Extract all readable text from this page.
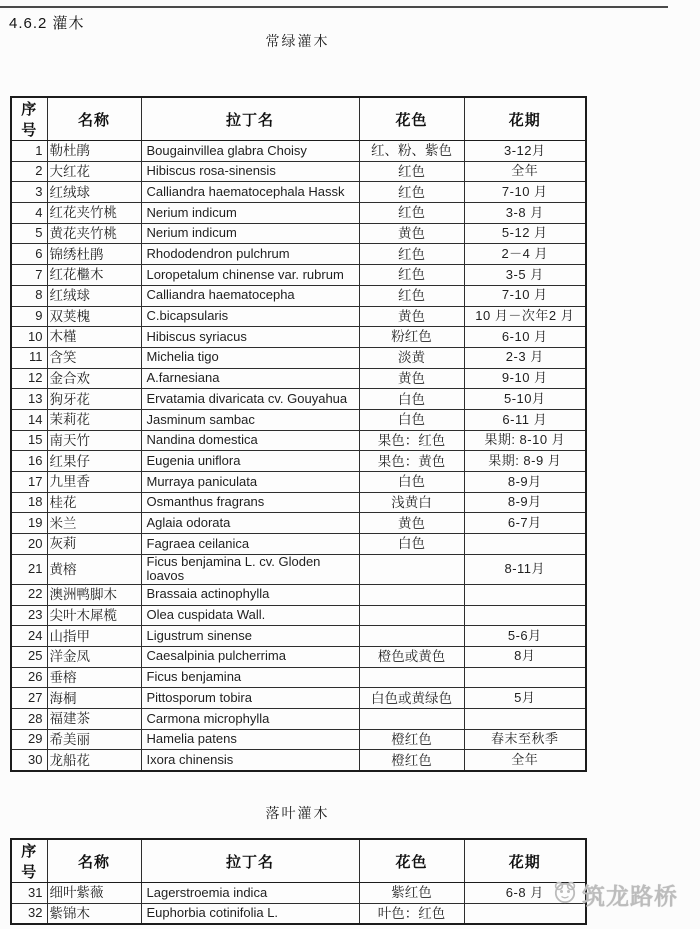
4.6.2 灌木
常绿灌木
序号	名称	拉丁名	花色	花期
1	勒杜鹃	Bougainvillea glabra Choisy	红、粉、紫色	3-12月
2	大红花	Hibiscus rosa-sinensis	红色	全年
3	红绒球	Calliandra haematocephala Hassk	红色	7-10 月
4	红花夹竹桃	Nerium indicum	红色	3-8 月
5	黄花夹竹桃	Nerium indicum	黄色	5-12 月
6	锦绣杜鹃	Rhododendron pulchrum	红色	2－4 月
7	红花檵木	Loropetalum chinense var. rubrum	红色	3-5 月
8	红绒球	Calliandra haematocepha	红色	7-10 月
9	双荚槐	C.bicapsularis	黄色	10 月－次年2 月
10	木槿	Hibiscus syriacus	粉红色	6-10 月
11	含笑	Michelia tigo	淡黄	2-3 月
12	金合欢	A.farnesiana	黄色	9-10 月
13	狗牙花	Ervatamia divaricata cv. Gouyahua	白色	5-10月
14	茉莉花	Jasminum sambac	白色	6-11 月
15	南天竹	Nandina domestica	果色：红色	果期: 8-10 月
16	红果仔	Eugenia uniflora	果色：黄色	果期: 8-9 月
17	九里香	Murraya paniculata	白色	8-9月
18	桂花	Osmanthus fragrans	浅黄白	8-9月
19	米兰	Aglaia odorata	黄色	6-7月
20	灰莉	Fagraea ceilanica	白色	
21	黄榕	Ficus benjamina L. cv. Gloden loavos		8-11月
22	澳洲鸭脚木	Brassaia actinophylla		
23	尖叶木犀榄	Olea cuspidata Wall.		
24	山指甲	Ligustrum sinense		5-6月
25	洋金凤	Caesalpinia pulcherrima	橙色或黄色	8月
26	垂榕	Ficus benjamina		
27	海桐	Pittosporum tobira	白色或黄绿色	5月
28	福建茶	Carmona microphylla		
29	希美丽	Hamelia patens	橙红色	春末至秋季
30	龙船花	Ixora chinensis	橙红色	全年
落叶灌木
序号	名称	拉丁名	花色	花期
31	细叶紫薇	Lagerstroemia indica	紫红色	6-8 月
32	紫锦木	Euphorbia cotinifolia L.	叶色：红色	
筑龙路桥
